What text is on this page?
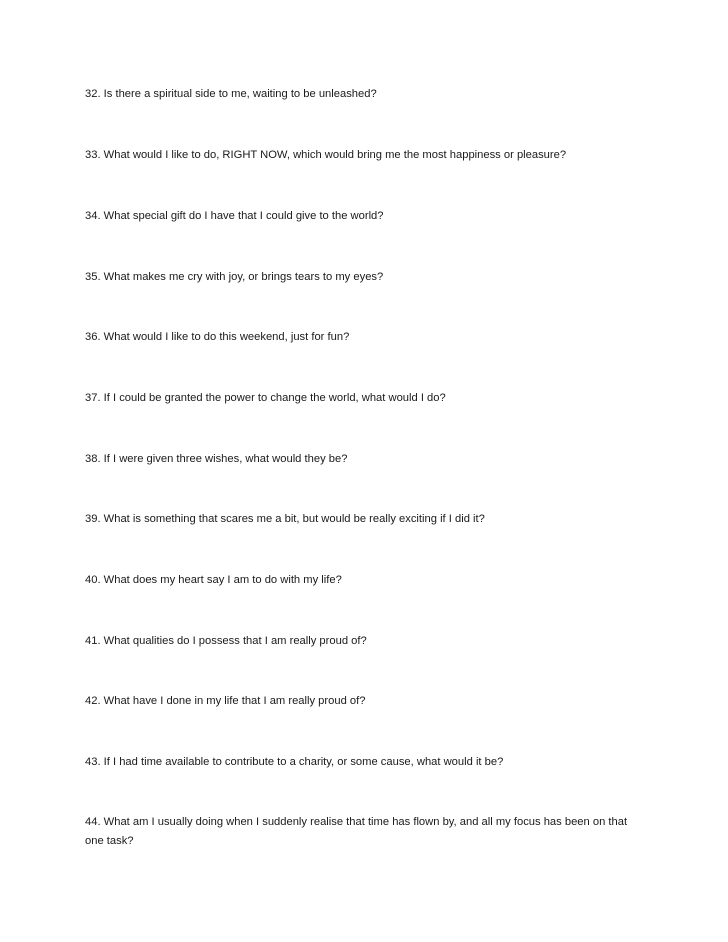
32. Is there a spiritual side to me, waiting to be unleashed?

33. What would I like to do, RIGHT NOW, which would bring me the most happiness or pleasure?

34. What special gift do I have that I could give to the world?

35. What makes me cry with joy, or brings tears to my eyes?

36. What would I like to do this weekend, just for fun?

37. If I could be granted the power to change the world, what would I do?

38. If I were given three wishes, what would they be?

39. What is something that scares me a bit, but would be really exciting if I did it?

40. What does my heart say I am to do with my life?

41. What qualities do I possess that I am really proud of?

42. What have I done in my life that I am really proud of?

43. If I had time available to contribute to a charity, or some cause, what would it be?

44. What am I usually doing when I suddenly realise that time has flown by, and all my focus has been on that one task?
